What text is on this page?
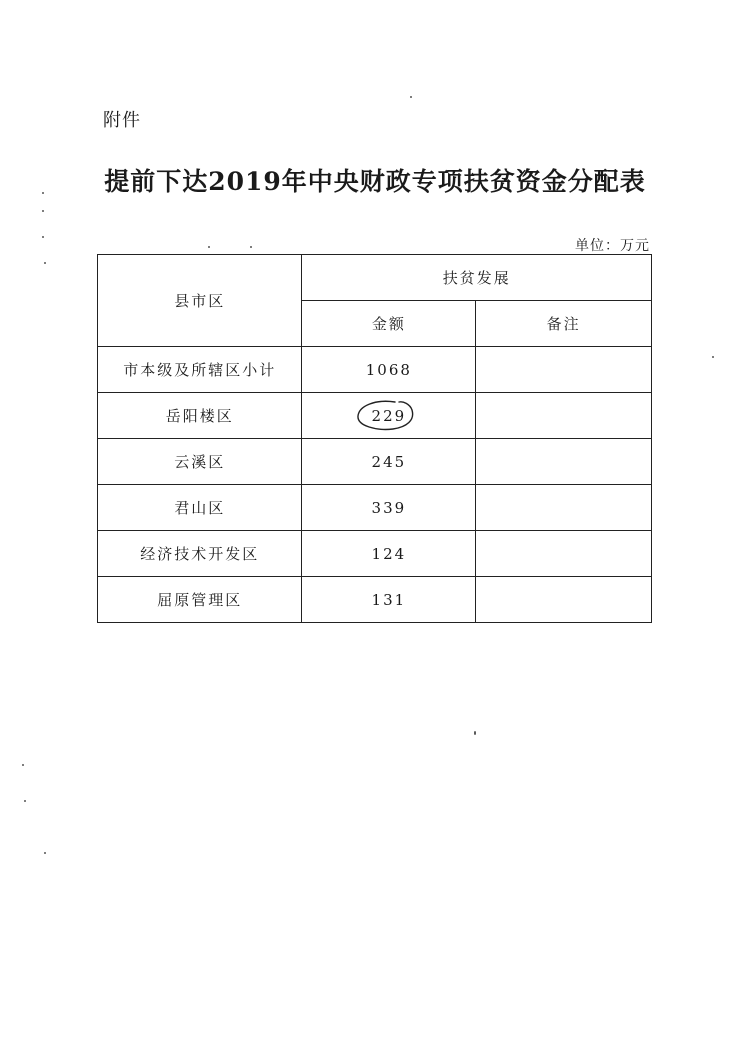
附件
提前下达2019年中央财政专项扶贫资金分配表
单位：万元
县市区	扶贫发展	
	金额	备注
市本级及所辖区小计	1068	
岳阳楼区	229

云溪区	245	
君山区	339	
经济技术开发区	124	
屈原管理区	131	
